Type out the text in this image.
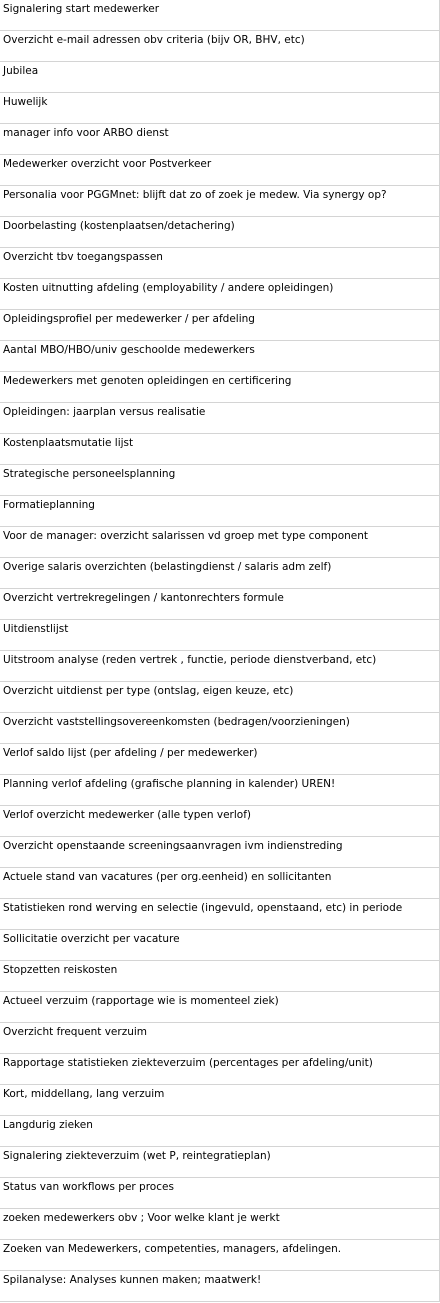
Signalering start medewerker
Overzicht e-mail adressen obv criteria (bijv OR, BHV, etc)
Jubilea
Huwelijk
manager info voor ARBO dienst
Medewerker overzicht voor Postverkeer
Personalia voor PGGMnet: blijft dat zo of zoek je medew. Via synergy op?
Doorbelasting (kostenplaatsen/detachering)
Overzicht tbv toegangspassen
Kosten uitnutting afdeling (employability / andere opleidingen)
Opleidingsprofiel per medewerker / per afdeling
Aantal MBO/HBO/univ geschoolde medewerkers
Medewerkers met genoten opleidingen en certificering
Opleidingen: jaarplan versus realisatie
Kostenplaatsmutatie lijst
Strategische personeelsplanning
Formatieplanning
Voor de manager: overzicht salarissen vd groep met type component
Overige salaris overzichten (belastingdienst / salaris adm zelf)
Overzicht vertrekregelingen / kantonrechters formule
Uitdienstlijst
Uitstroom analyse (reden vertrek , functie, periode dienstverband, etc)
Overzicht uitdienst per type (ontslag, eigen keuze, etc)
Overzicht vaststellingsovereenkomsten (bedragen/voorzieningen)
Verlof saldo lijst (per afdeling / per medewerker)
Planning verlof afdeling (grafische planning in kalender) UREN!
Verlof overzicht medewerker (alle typen verlof)
Overzicht openstaande screeningsaanvragen ivm indienstreding
Actuele stand van vacatures (per org.eenheid) en sollicitanten
Statistieken rond werving en selectie (ingevuld, openstaand, etc) in periode
Sollicitatie overzicht per vacature
Stopzetten reiskosten
Actueel verzuim (rapportage wie is momenteel ziek)
Overzicht frequent verzuim
Rapportage statistieken ziekteverzuim (percentages per afdeling/unit)
Kort, middellang, lang verzuim
Langdurig zieken
Signalering ziekteverzuim (wet P, reintegratieplan)
Status van workflows per proces
zoeken medewerkers obv ; Voor welke klant je werkt
Zoeken van Medewerkers, competenties, managers, afdelingen.
Spilanalyse: Analyses kunnen maken; maatwerk!
